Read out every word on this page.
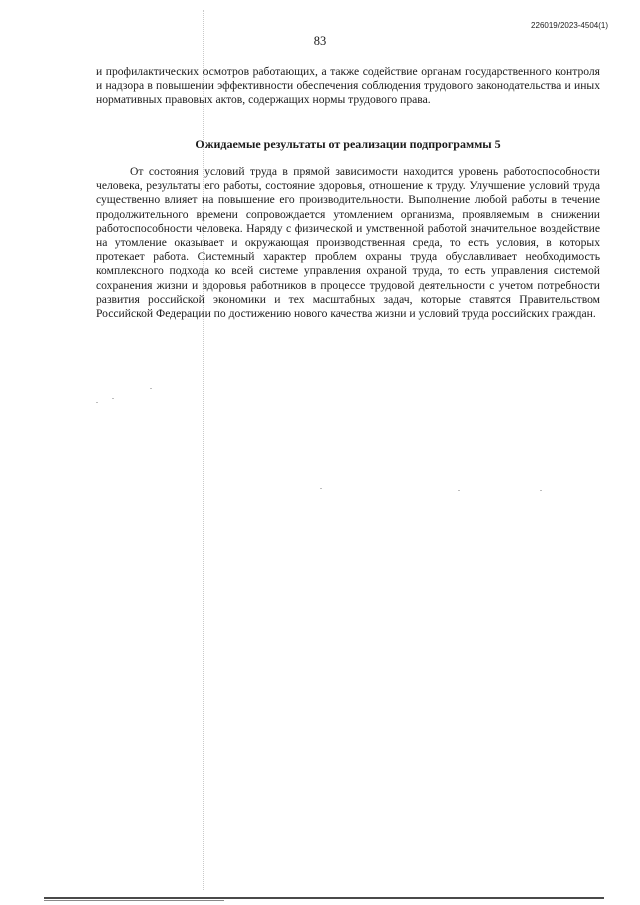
226019/2023-4504(1)
83

и профилактических осмотров работающих, а также содействие органам государственного контроля и надзора в повышении эффективности обеспечения соблюдения трудового законодательства и иных нормативных правовых актов, содержащих нормы трудового права.

Ожидаемые результаты от реализации подпрограммы 5

От состояния условий труда в прямой зависимости находится уровень работоспособности человека, результаты его работы, состояние здоровья, отношение к труду. Улучшение условий труда существенно влияет на повышение его производительности. Выполнение любой работы в течение продолжительного времени сопровождается утомлением организма, проявляемым в снижении работоспособности человека. Наряду с физической и умственной работой значительное воздействие на утомление оказывает и окружающая производственная среда, то есть условия, в которых протекает работа. Системный характер проблем охраны труда обуславливает необходимость комплексного подхода ко всей системе управления охраной труда, то есть управления системой сохранения жизни и здоровья работников в процессе трудовой деятельности с учетом потребности развития российской экономики и тех масштабных задач, которые ставятся Правительством Российской Федерации по достижению нового качества жизни и условий труда российских граждан.
